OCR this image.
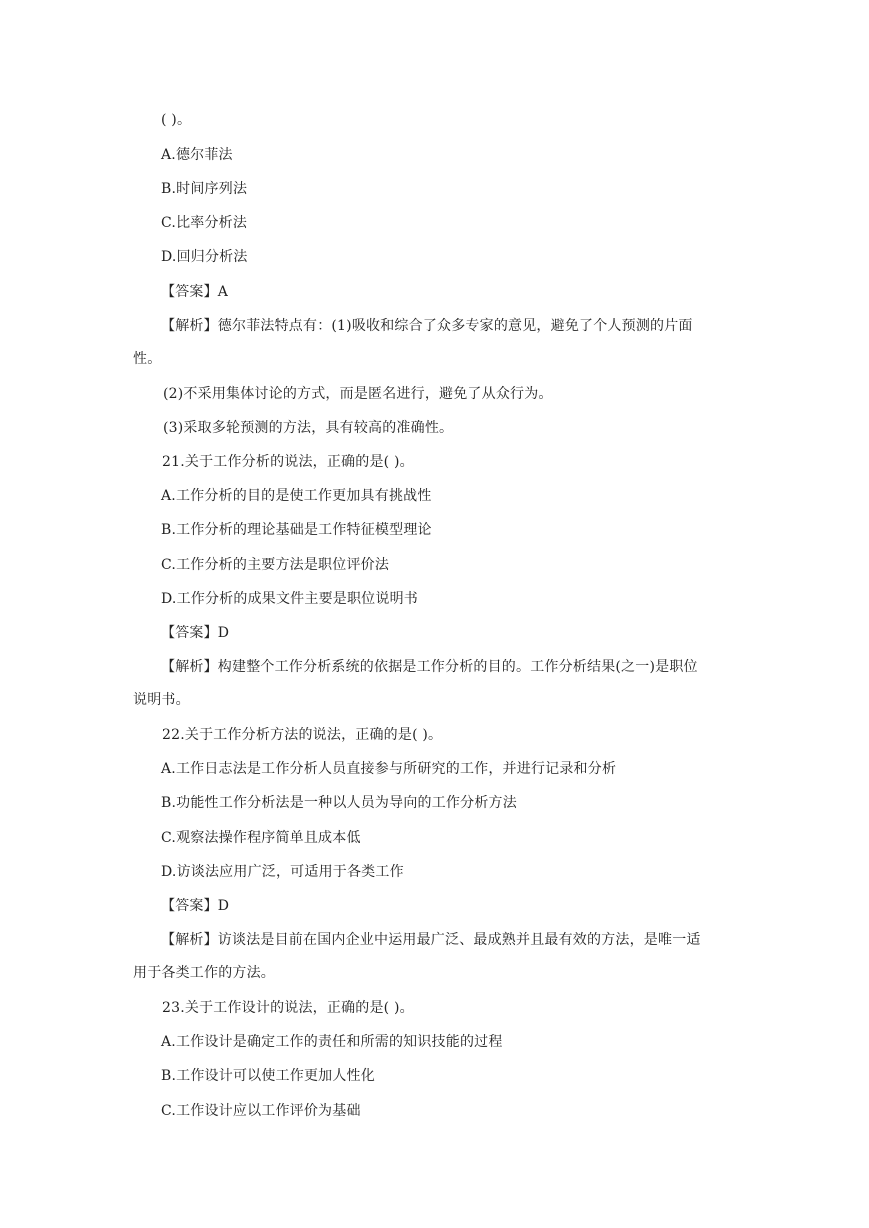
( )。
A.德尔菲法
B.时间序列法
C.比率分析法
D.回归分析法
【答案】A
【解析】德尔菲法特点有：(1)吸收和综合了众多专家的意见，避免了个人预测的片面
性。
(2)不采用集体讨论的方式，而是匿名进行，避免了从众行为。
(3)采取多轮预测的方法，具有较高的准确性。
21.关于工作分析的说法，正确的是( )。
A.工作分析的目的是使工作更加具有挑战性
B.工作分析的理论基础是工作特征模型理论
C.工作分析的主要方法是职位评价法
D.工作分析的成果文件主要是职位说明书
【答案】D
【解析】构建整个工作分析系统的依据是工作分析的目的。工作分析结果(之一)是职位
说明书。
22.关于工作分析方法的说法，正确的是( )。
A.工作日志法是工作分析人员直接参与所研究的工作，并进行记录和分析
B.功能性工作分析法是一种以人员为导向的工作分析方法
C.观察法操作程序简单且成本低
D.访谈法应用广泛，可适用于各类工作
【答案】D
【解析】访谈法是目前在国内企业中运用最广泛、最成熟并且最有效的方法，是唯一适
用于各类工作的方法。
23.关于工作设计的说法，正确的是( )。
A.工作设计是确定工作的责任和所需的知识技能的过程
B.工作设计可以使工作更加人性化
C.工作设计应以工作评价为基础
